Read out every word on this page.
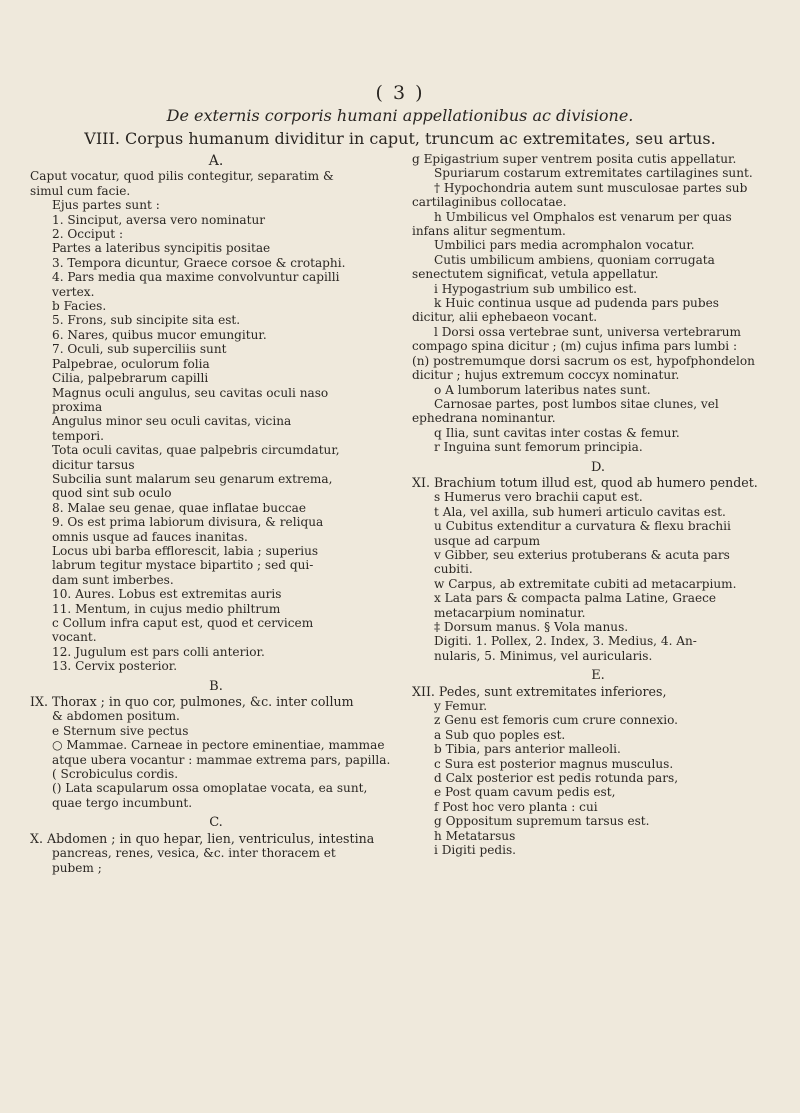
( 3 )
De externis corporis humani appellationibus ac divisione.
VIII. Corpus humanum dividitur in caput, truncum ac extremitates, seu artus.
A.
Caput vocatur, quod pilis contegitur, separatim &
simul cum facie.
Ejus partes sunt :
1. Sinciput, aversa vero nominatur
2. Occiput :
Partes a lateribus syncipitis positae
3. Tempora dicuntur, Graece corsoe & crotaphi.
4. Pars media qua maxime convolvuntur capilli
vertex.
b Facies.
5. Frons, sub sincipite sita est.
6. Nares, quibus mucor emungitur.
7. Oculi, sub superciliis sunt
Palpebrae, oculorum folia
Cilia, palpebrarum capilli
Magnus oculi angulus, seu cavitas oculi naso
proxima
Angulus minor seu oculi cavitas, vicina
tempori.
Tota oculi cavitas, quae palpebris circumdatur,
dicitur tarsus
Subcilia sunt malarum seu genarum extrema,
quod sint sub oculo
8. Malae seu genae, quae inflatae buccae
9. Os est prima labiorum divisura, & reliqua
omnis usque ad fauces inanitas.
Locus ubi barba efflorescit, labia ; superius
labrum tegitur mystace bipartito ; sed qui-
dam sunt imberbes.
10. Aures. Lobus est extremitas auris
11. Mentum, in cujus medio philtrum
c Collum infra caput est, quod et cervicem
vocant.
12. Jugulum est pars colli anterior.
13. Cervix posterior.
B.
IX. Thorax ; in quo cor, pulmones, &c. inter collum
& abdomen positum.
e Sternum sive pectus
○ Mammae. Carneae in pectore eminentiae, mammae
atque ubera vocantur : mammae extrema pars, papilla.
( Scrobiculus cordis.
() Lata scapularum ossa omoplatae vocata, ea sunt,
quae tergo incumbunt.
C.
X. Abdomen ; in quo hepar, lien, ventriculus, intestina
pancreas, renes, vesica, &c. inter thoracem et
pubem ;
g Epigastrium super ventrem posita cutis appellatur.
Spuriarum costarum extremitates cartilagines sunt.
† Hypochondria autem sunt musculosae partes sub
cartilaginibus collocatae.
h Umbilicus vel Omphalos est venarum per quas
infans alitur segmentum.
Umbilici pars media acromphalon vocatur.
Cutis umbilicum ambiens, quoniam corrugata
senectutem significat, vetula appellatur.
i Hypogastrium sub umbilico est.
k Huic continua usque ad pudenda pars pubes
dicitur, alii ephebaeon vocant.
l Dorsi ossa vertebrae sunt, universa vertebrarum
compago spina dicitur ; (m) cujus infima pars lumbi :
(n) postremumque dorsi sacrum os est, hypofphondelon
dicitur ; hujus extremum coccyx nominatur.
o A lumborum lateribus nates sunt.
Carnosae partes, post lumbos sitae clunes, vel
ephedrana nominantur.
q Ilia, sunt cavitas inter costas & femur.
r Inguina sunt femorum principia.
D.
XI. Brachium totum illud est, quod ab humero pendet.
s Humerus vero brachii caput est.
t Ala, vel axilla, sub humeri articulo cavitas est.
u Cubitus extenditur a curvatura & flexu brachii
usque ad carpum
v Gibber, seu exterius protuberans & acuta pars
cubiti.
w Carpus, ab extremitate cubiti ad metacarpium.
x Lata pars & compacta palma Latine, Graece
metacarpium nominatur.
‡ Dorsum manus. § Vola manus.
Digiti. 1. Pollex, 2. Index, 3. Medius, 4. An-
nularis, 5. Minimus, vel auricularis.
E.
XII. Pedes, sunt extremitates inferiores,
y Femur.
z Genu est femoris cum crure connexio.
a Sub quo poples est.
b Tibia, pars anterior malleoli.
c Sura est posterior magnus musculus.
d Calx posterior est pedis rotunda pars,
e Post quam cavum pedis est,
f Post hoc vero planta : cui
g Oppositum supremum tarsus est.
h Metatarsus
i Digiti pedis.
